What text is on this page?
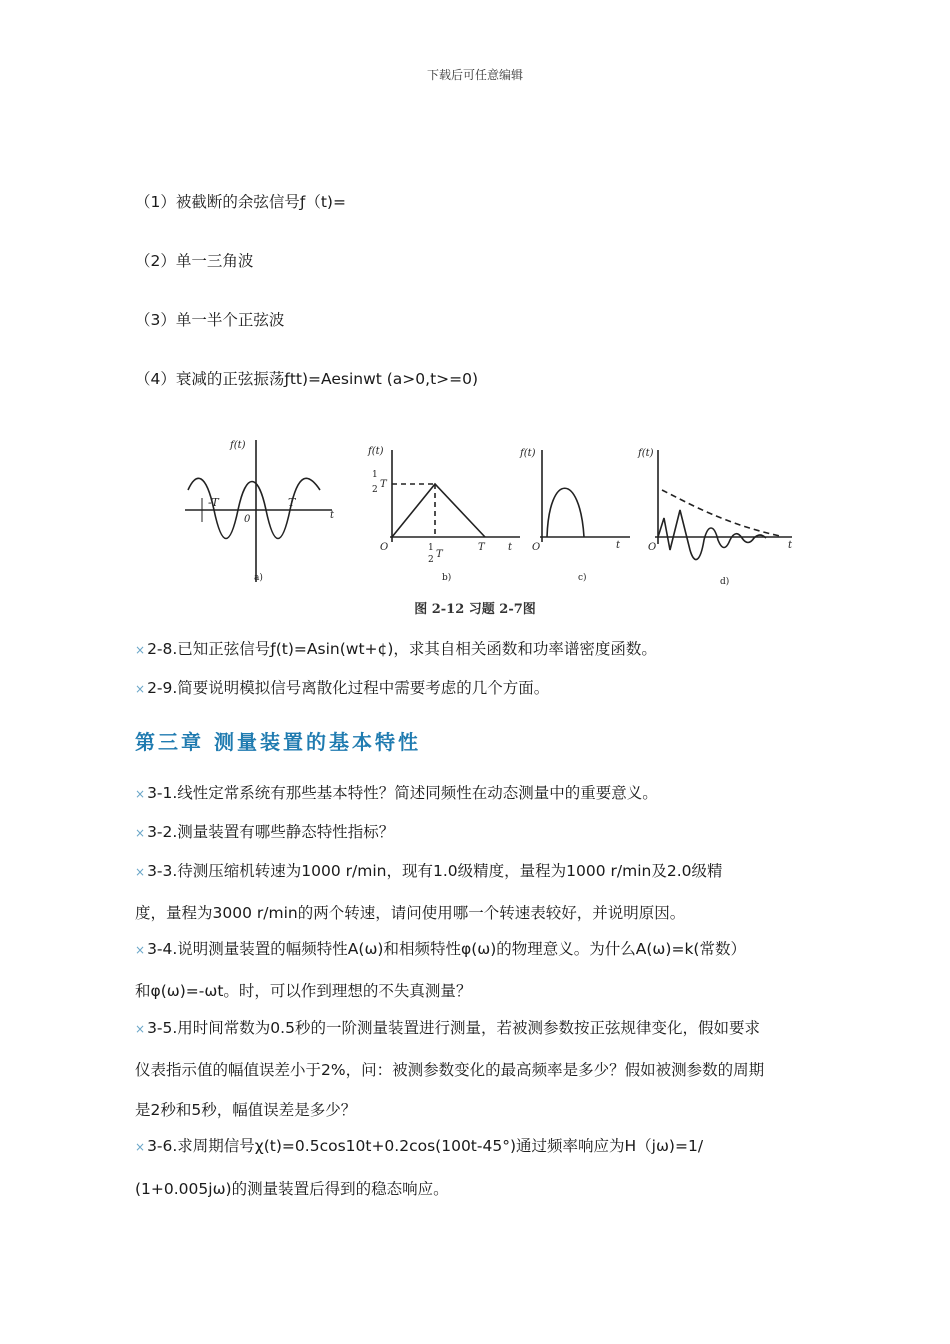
下载后可任意编辑
（1）被截断的余弦信号ƒ（t)=
（2）单一三角波
（3）单一半个正弦波
（4）衰减的正弦振荡ƒtt)=Aesinwt (a>0,t>=0)
f(t)
-T	T
0	t
a)
f(t)
1
2 T
O	1
2 T
T t
b)
f(t)
O	t
c)
f(t)
O	t
d)
图 2-12 习题 2-7图
× 2-8.已知正弦信号ƒ(t)=Asin(wt+¢)，求其自相关函数和功率谱密度函数。
× 2-9.简要说明模拟信号离散化过程中需要考虑的几个方面。
第三章 测量装置的基本特性
× 3-1.线性定常系统有那些基本特性？简述同频性在动态测量中的重要意义。
× 3-2.测量装置有哪些静态特性指标？
× 3-3.待测压缩机转速为1000 r/min，现有1.0级精度，量程为1000 r/min及2.0级精
度，量程为3000 r/min的两个转速，请问使用哪一个转速表较好，并说明原因。
× 3-4.说明测量装置的幅频特性A(ω)和相频特性φ(ω)的物理意义。为什么A(ω)=k(常数）
和φ(ω)=-ωt。时，可以作到理想的不失真测量？
× 3-5.用时间常数为0.5秒的一阶测量装置进行测量，若被测参数按正弦规律变化，假如要求
仪表指示值的幅值误差小于2%，问：被测参数变化的最高频率是多少？假如被测参数的周期
是2秒和5秒，幅值误差是多少？
× 3-6.求周期信号χ(t)=0.5cos10t+0.2cos(100t-45°)通过频率响应为H（jω)=1/
(1+0.005jω)的测量装置后得到的稳态响应。
